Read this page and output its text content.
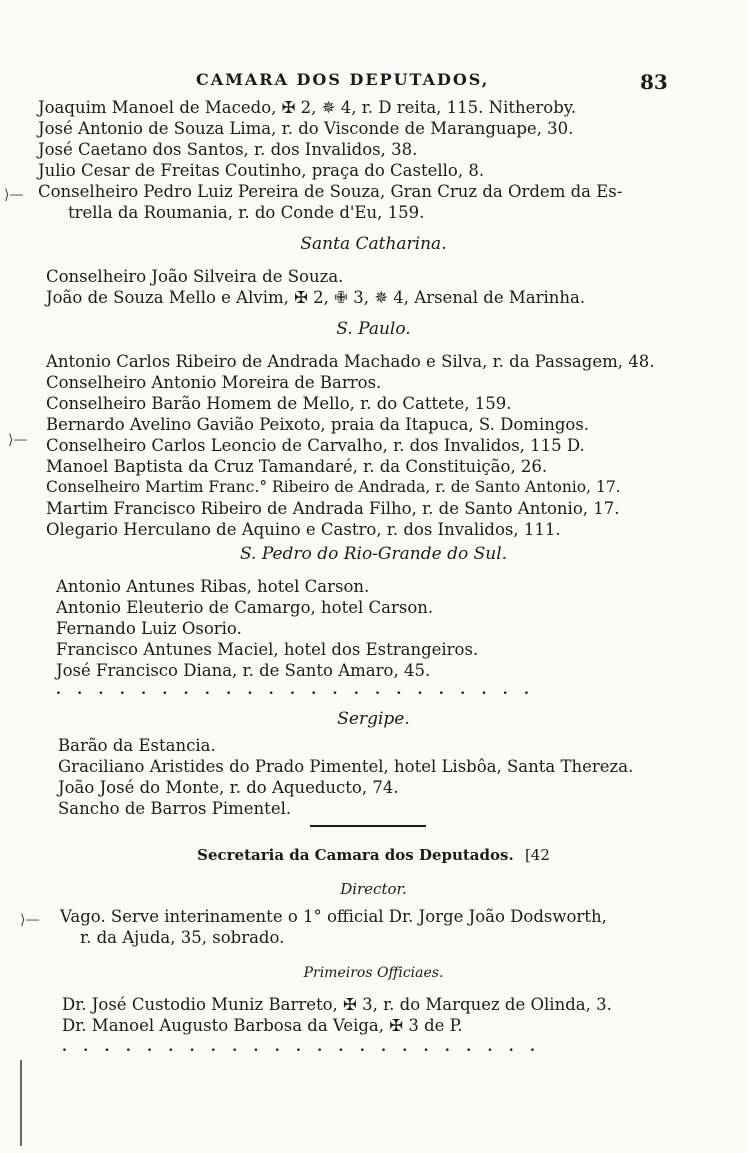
CAMARA DOS DEPUTADOS,	83
Joaquim Manoel de Macedo, ✠ 2, ✵ 4, r. D reita, 115. Nitheroby.
José Antonio de Souza Lima, r. do Visconde de Maranguape, 30.
José Caetano dos Santos, r. dos Invalidos, 38.
Julio Cesar de Freitas Coutinho, praça do Castello, 8.
Conselheiro Pedro Luiz Pereira de Souza, Gran Cruz da Ordem da Es-
trella da Roumania, r. do Conde d'Eu, 159.
Santa Catharina.
Conselheiro João Silveira de Souza.
João de Souza Mello e Alvim, ✠ 2, ✙ 3, ✵ 4, Arsenal de Marinha.
S. Paulo.
Antonio Carlos Ribeiro de Andrada Machado e Silva, r. da Passagem, 48.
Conselheiro Antonio Moreira de Barros.
Conselheiro Barão Homem de Mello, r. do Cattete, 159.
Bernardo Avelino Gavião Peixoto, praia da Itapuca, S. Domingos.
Conselheiro Carlos Leoncio de Carvalho, r. dos Invalidos, 115 D.
Manoel Baptista da Cruz Tamandaré, r. da Constituição, 26.
Conselheiro Martim Franc.° Ribeiro de Andrada, r. de Santo Antonio, 17.
Martim Francisco Ribeiro de Andrada Filho, r. de Santo Antonio, 17.
Olegario Herculano de Aquino e Castro, r. dos Invalidos, 111.
S. Pedro do Rio-Grande do Sul.
Antonio Antunes Ribas, hotel Carson.
Antonio Eleuterio de Camargo, hotel Carson.
Fernando Luiz Osorio.
Francisco Antunes Maciel, hotel dos Estrangeiros.
José Francisco Diana, r. de Santo Amaro, 45.
.......................
Sergipe.
Barão da Estancia.
Graciliano Aristides do Prado Pimentel, hotel Lisbôa, Santa Thereza.
João José do Monte, r. do Aqueducto, 74.
Sancho de Barros Pimentel.
Secretaria da Camara dos Deputados. [42
Director.
Vago. Serve interinamente o 1° official Dr. Jorge João Dodsworth,
r. da Ajuda, 35, sobrado.
Primeiros Officiaes.
Dr. José Custodio Muniz Barreto, ✠ 3, r. do Marquez de Olinda, 3.
Dr. Manoel Augusto Barbosa da Veiga, ✠ 3 de P.
.......................
⟩—
⟩—
⟩—
